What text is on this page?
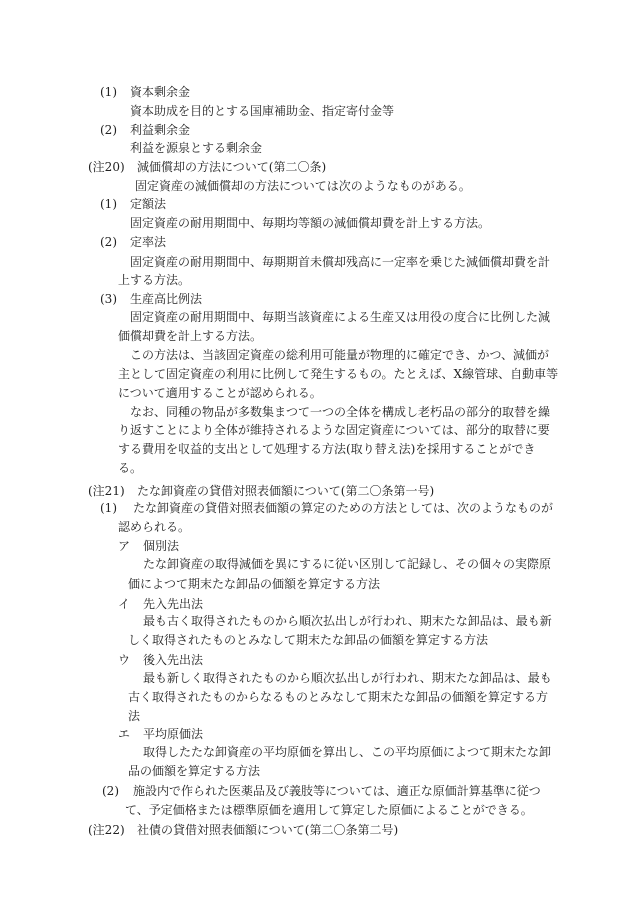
(1) 資本剰余金
資本助成を目的とする国庫補助金、指定寄付金等
(2) 利益剰余金
利益を源泉とする剰余金
(注20) 減価償却の方法について(第二〇条)
固定資産の減価償却の方法については次のようなものがある。
(1) 定額法
固定資産の耐用期間中、毎期均等額の減価償却費を計上する方法。
(2) 定率法
固定資産の耐用期間中、毎期期首未償却残高に一定率を乗じた減価償却費を計
上する方法。
(3) 生産高比例法
固定資産の耐用期間中、毎期当該資産による生産又は用役の度合に比例した減
価償却費を計上する方法。
この方法は、当該固定資産の総利用可能量が物理的に確定でき、かつ、減価が
主として固定資産の利用に比例して発生するもの。たとえば、X線管球、自動車等
について適用することが認められる。
なお、同種の物品が多数集まつて一つの全体を構成し老朽品の部分的取替を繰
り返すことにより全体が維持されるような固定資産については、部分的取替に要
する費用を収益的支出として処理する方法(取り替え法)を採用することができ
る。
(注21) たな卸資産の貸借対照表価額について(第二〇条第一号)
(1) たな卸資産の貸借対照表価額の算定のための方法としては、次のようなものが
認められる。
ア 個別法
たな卸資産の取得減価を異にするに従い区別して記録し、その個々の実際原
価によつて期末たな卸品の価額を算定する方法
イ 先入先出法
最も古く取得されたものから順次払出しが行われ、期末たな卸品は、最も新
しく取得されたものとみなして期末たな卸品の価額を算定する方法
ウ 後入先出法
最も新しく取得されたものから順次払出しが行われ、期末たな卸品は、最も
古く取得されたものからなるものとみなして期末たな卸品の価額を算定する方
法
エ 平均原価法
取得したたな卸資産の平均原価を算出し、この平均原価によつて期末たな卸
品の価額を算定する方法
(2) 施設内で作られた医薬品及び義肢等については、適正な原価計算基準に従つ
て、予定価格または標準原価を適用して算定した原価によることができる。
(注22) 社債の貸借対照表価額について(第二〇条第二号)
